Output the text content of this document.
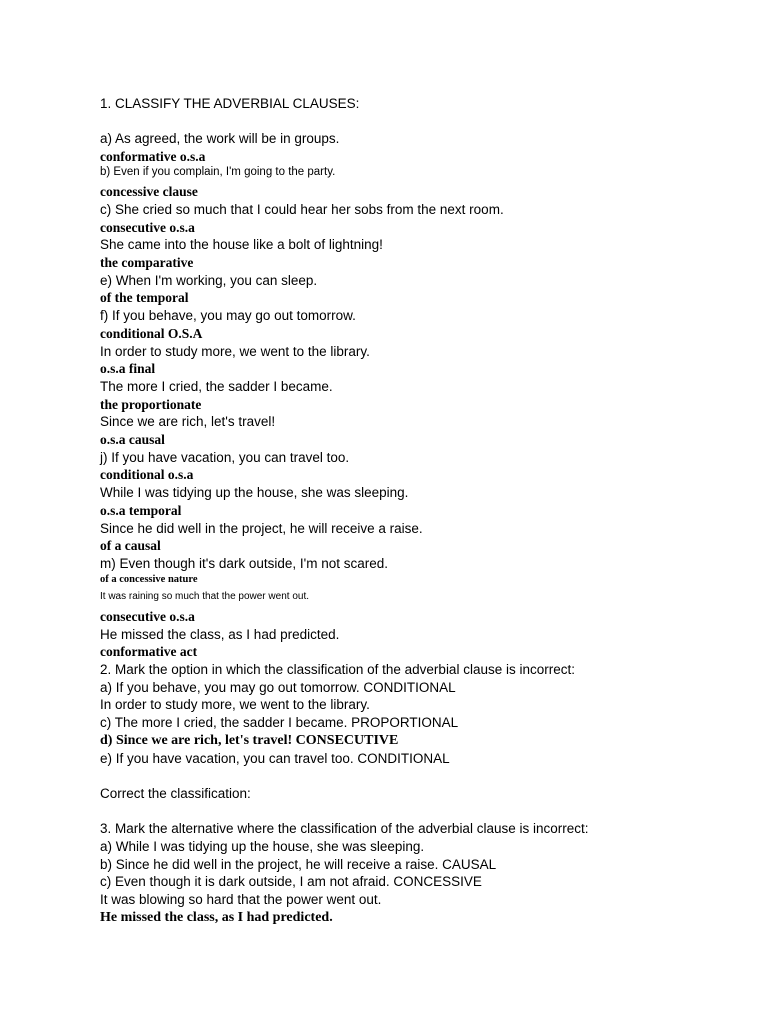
1. CLASSIFY THE ADVERBIAL CLAUSES:
a) As agreed, the work will be in groups.
conformative o.s.a
b) Even if you complain, I'm going to the party.
concessive clause
c) She cried so much that I could hear her sobs from the next room.
consecutive o.s.a
She came into the house like a bolt of lightning!
the comparative
e) When I'm working, you can sleep.
of the temporal
f) If you behave, you may go out tomorrow.
conditional O.S.A
In order to study more, we went to the library.
o.s.a final
The more I cried, the sadder I became.
the proportionate
Since we are rich, let's travel!
o.s.a causal
j) If you have vacation, you can travel too.
conditional o.s.a
While I was tidying up the house, she was sleeping.
o.s.a temporal
Since he did well in the project, he will receive a raise.
of a causal
m) Even though it's dark outside, I'm not scared.
of a concessive nature
It was raining so much that the power went out.
consecutive o.s.a
He missed the class, as I had predicted.
conformative act
2. Mark the option in which the classification of the adverbial clause is incorrect:
a) If you behave, you may go out tomorrow. CONDITIONAL
In order to study more, we went to the library.
c) The more I cried, the sadder I became. PROPORTIONAL
d) Since we are rich, let's travel! CONSECUTIVE
e) If you have vacation, you can travel too. CONDITIONAL
Correct the classification:
3. Mark the alternative where the classification of the adverbial clause is incorrect:
a) While I was tidying up the house, she was sleeping.
b) Since he did well in the project, he will receive a raise. CAUSAL
c) Even though it is dark outside, I am not afraid. CONCESSIVE
It was blowing so hard that the power went out.
He missed the class, as I had predicted.
